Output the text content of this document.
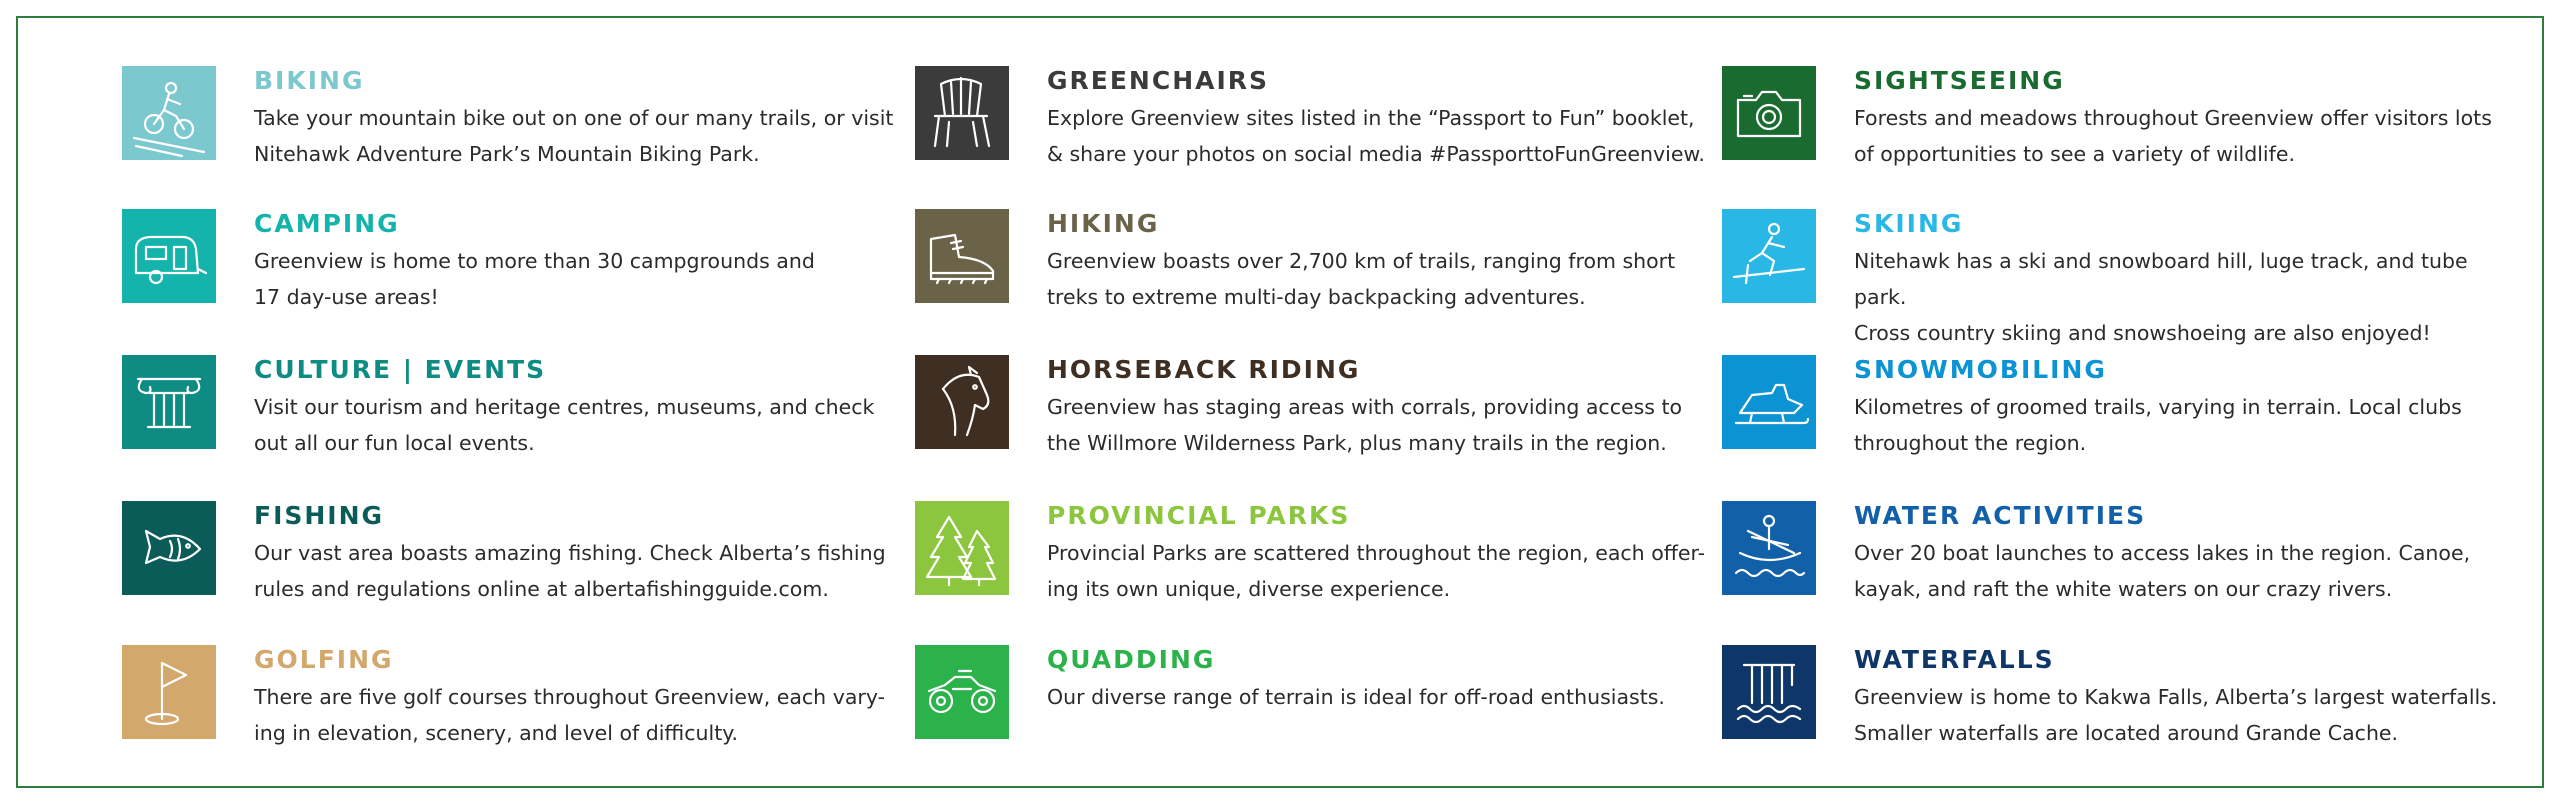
BIKING

Take your mountain bike out on one of our many trails, or visit
Nitehawk Adventure Park’s Mountain Biking Park.

CAMPING

Greenview is home to more than 30 campgrounds and
17 day-use areas!

CULTURE | EVENTS

Visit our tourism and heritage centres, museums, and check
out all our fun local events.

FISHING

Our vast area boasts amazing fishing. Check Alberta’s fishing
rules and regulations online at albertafishingguide.com.

GOLFING

There are five golf courses throughout Greenview, each vary-
ing in elevation, scenery, and level of difficulty.

GREENCHAIRS

Explore Greenview sites listed in the “Passport to Fun” booklet,
& share your photos on social media #PassporttoFunGreenview.

HIKING

Greenview boasts over 2,700 km of trails, ranging from short
treks to extreme multi-day backpacking adventures.

HORSEBACK RIDING

Greenview has staging areas with corrals, providing access to
the Willmore Wilderness Park, plus many trails in the region.

PROVINCIAL PARKS

Provincial Parks are scattered throughout the region, each offer-
ing its own unique, diverse experience.

QUADDING

Our diverse range of terrain is ideal for off-road enthusiasts.

SIGHTSEEING

Forests and meadows throughout Greenview offer visitors lots
of opportunities to see a variety of wildlife.

SKIING

Nitehawk has a ski and snowboard hill, luge track, and tube park.
Cross country skiing and snowshoeing are also enjoyed!

SNOWMOBILING

Kilometres of groomed trails, varying in terrain. Local clubs
throughout the region.

WATER ACTIVITIES

Over 20 boat launches to access lakes in the region. Canoe,
kayak, and raft the white waters on our crazy rivers.

WATERFALLS

Greenview is home to Kakwa Falls, Alberta’s largest waterfalls.
Smaller waterfalls are located around Grande Cache.
